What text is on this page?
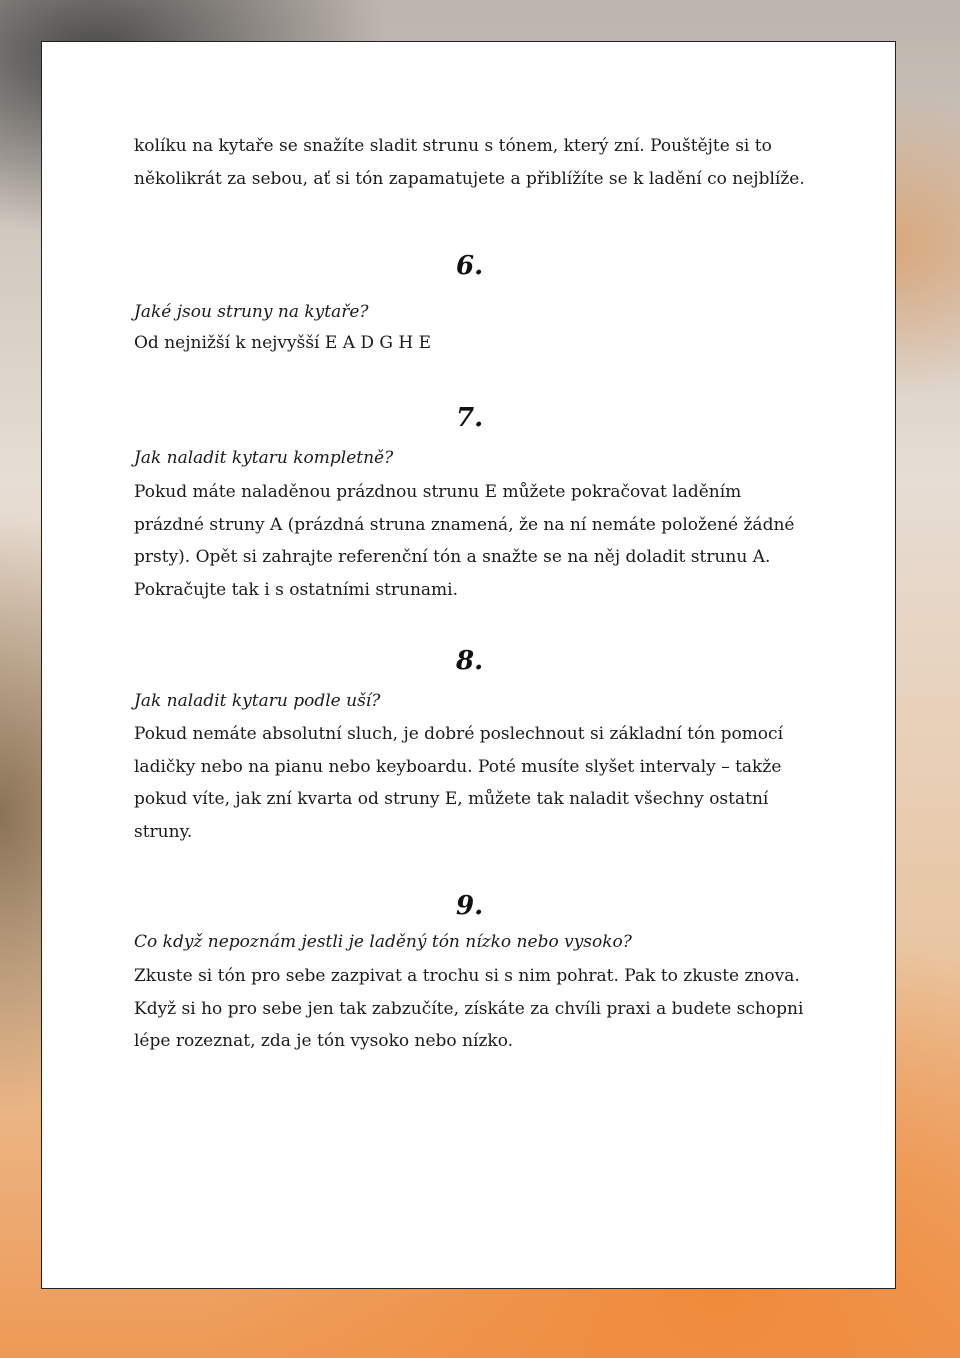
kolíku na kytaře se snažíte sladit strunu s tónem, který zní. Pouštějte si to
několikrát za sebou, ať si tón zapamatujete a přiblížíte se k ladění co nejblíže.

6.

Jaké jsou struny na kytaře?

Od nejnižší k nejvyšší E A D G H E

7.

Jak naladit kytaru kompletně?

Pokud máte naladěnou prázdnou strunu E můžete pokračovat laděním
prázdné struny A (prázdná struna znamená, že na ní nemáte položené žádné
prsty). Opět si zahrajte referenční tón a snažte se na něj doladit strunu A.
Pokračujte tak i s ostatními strunami.

8.

Jak naladit kytaru podle uší?

Pokud nemáte absolutní sluch, je dobré poslechnout si základní tón pomocí
ladičky nebo na pianu nebo keyboardu. Poté musíte slyšet intervaly – takže
pokud víte, jak zní kvarta od struny E, můžete tak naladit všechny ostatní
struny.

9.

Co když nepoznám jestli je laděný tón nízko nebo vysoko?

Zkuste si tón pro sebe zazpivat a trochu si s nim pohrat. Pak to zkuste znova.
Když si ho pro sebe jen tak zabzučíte, získáte za chvíli praxi a budete schopni
lépe rozeznat, zda je tón vysoko nebo nízko.
